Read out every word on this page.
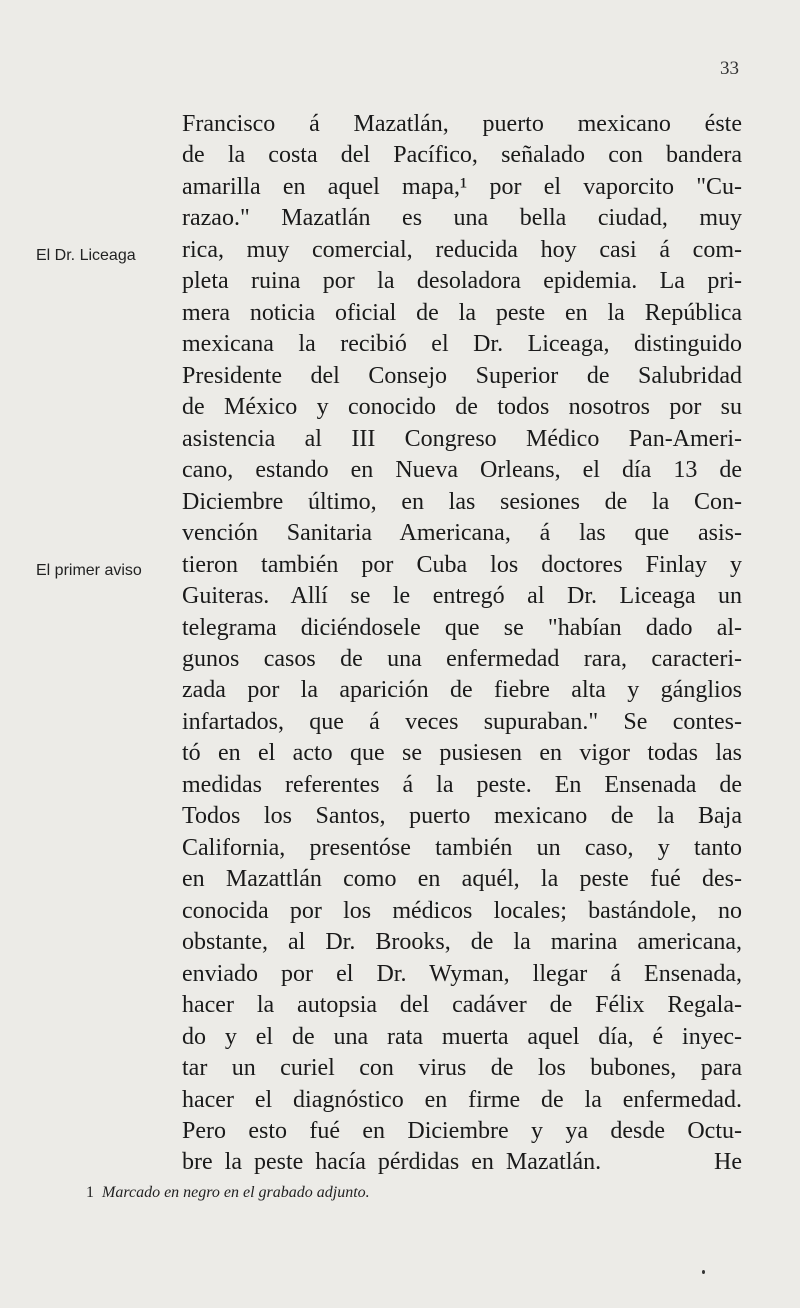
33
El Dr. Liceaga
El primer aviso
Francisco á Mazatlán, puerto mexicano éste
de la costa del Pacífico, señalado con bandera
amarilla en aquel mapa,¹ por el vaporcito "Cu-
razao." Mazatlán es una bella ciudad, muy
rica, muy comercial, reducida hoy casi á com-
pleta ruina por la desoladora epidemia. La pri-
mera noticia oficial de la peste en la República
mexicana la recibió el Dr. Liceaga, distinguido
Presidente del Consejo Superior de Salubridad
de México y conocido de todos nosotros por su
asistencia al III Congreso Médico Pan-Ameri-
cano, estando en Nueva Orleans, el día 13 de
Diciembre último, en las sesiones de la Con-
vención Sanitaria Americana, á las que asis-
tieron también por Cuba los doctores Finlay y
Guiteras. Allí se le entregó al Dr. Liceaga un
telegrama diciéndosele que se "habían dado al-
gunos casos de una enfermedad rara, caracteri-
zada por la aparición de fiebre alta y gánglios
infartados, que á veces supuraban." Se contes-
tó en el acto que se pusiesen en vigor todas las
medidas referentes á la peste. En Ensenada de
Todos los Santos, puerto mexicano de la Baja
California, presentóse también un caso, y tanto
en Mazattlán como en aquél, la peste fué des-
conocida por los médicos locales; bastándole, no
obstante, al Dr. Brooks, de la marina americana,
enviado por el Dr. Wyman, llegar á Ensenada,
hacer la autopsia del cadáver de Félix Regala-
do y el de una rata muerta aquel día, é inyec-
tar un curiel con virus de los bubones, para
hacer el diagnóstico en firme de la enfermedad.
Pero esto fué en Diciembre y ya desde Octu-
bre la peste hacía pérdidas en Mazatlán.	He
1 Marcado en negro en el grabado adjunto.
